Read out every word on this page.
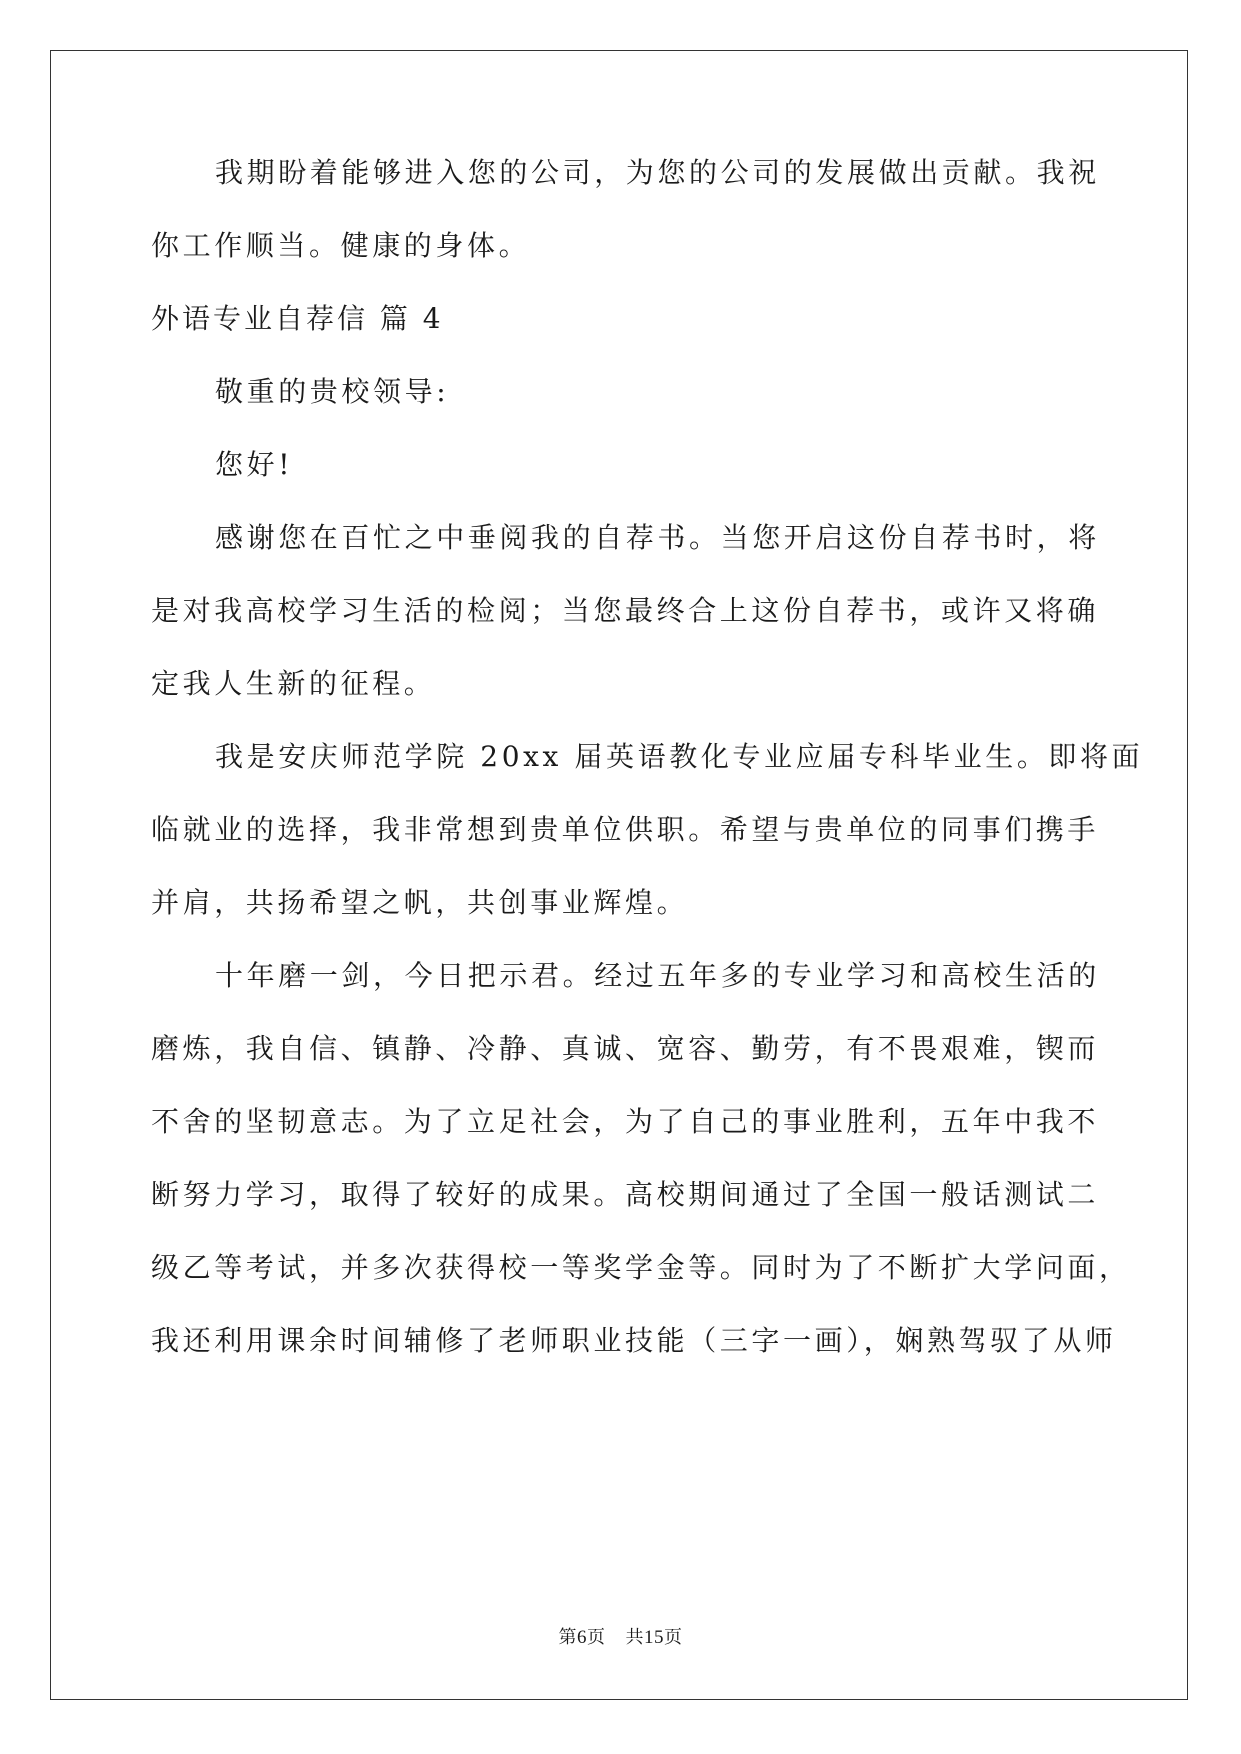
我期盼着能够进入您的公司，为您的公司的发展做出贡献。我祝
你工作顺当。健康的身体。
外语专业自荐信 篇 4
敬重的贵校领导:
您好!
感谢您在百忙之中垂阅我的自荐书。当您开启这份自荐书时，将
是对我高校学习生活的检阅；当您最终合上这份自荐书，或许又将确
定我人生新的征程。
我是安庆师范学院 20xx 届英语教化专业应届专科毕业生。即将面
临就业的选择，我非常想到贵单位供职。希望与贵单位的同事们携手
并肩，共扬希望之帆，共创事业辉煌。
十年磨一剑，今日把示君。经过五年多的专业学习和高校生活的
磨炼，我自信、镇静、冷静、真诚、宽容、勤劳，有不畏艰难，锲而
不舍的坚韧意志。为了立足社会，为了自己的事业胜利，五年中我不
断努力学习，取得了较好的成果。高校期间通过了全国一般话测试二
级乙等考试，并多次获得校一等奖学金等。同时为了不断扩大学问面，
我还利用课余时间辅修了老师职业技能（三字一画），娴熟驾驭了从师
第6页 共15页
